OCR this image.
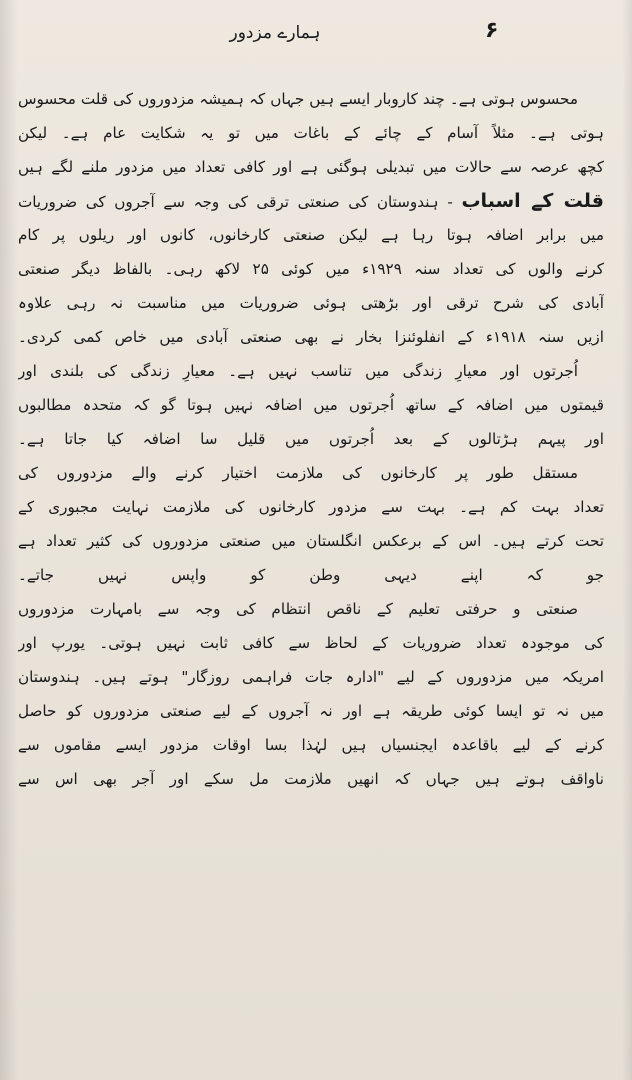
ہمارے مزدور	۶
محسوس ہوتی ہے۔ چند کاروبار ایسے ہیں جہاں کہ ہمیشہ مزدوروں کی قلت محسوس
ہوتی ہے۔ مثلاً آسام کے چائے کے باغات میں تو یہ شکایت عام ہے۔ لیکن
کچھ عرصہ سے حالات میں تبدیلی ہوگئی ہے اور کافی تعداد میں مزدور ملنے لگے ہیں
قلت کے اسباب - ہندوستان کی صنعتی ترقی کی وجہ سے آجروں کی ضروریات
میں برابر اضافہ ہوتا رہا ہے لیکن صنعتی کارخانوں، کانوں اور ریلوں پر کام
کرنے والوں کی تعداد سنہ ۱۹۲۹ء میں کوئی ۲۵ لاکھ رہی۔ بالفاظ دیگر صنعتی
آبادی کی شرح ترقی اور بڑھتی ہوئی ضروریات میں مناسبت نہ رہی علاوہ
ازیں سنہ ۱۹۱۸ء کے انفلوئنزا بخار نے بھی صنعتی آبادی میں خاص کمی کردی۔
اُجرتوں اور معیارِ زندگی میں تناسب نہیں ہے۔ معیارِ زندگی کی بلندی اور
قیمتوں میں اضافہ کے ساتھ اُجرتوں میں اضافہ نہیں ہوتا گو کہ متحدہ مطالبوں
اور پیہم ہڑتالوں کے بعد اُجرتوں میں قلیل سا اضافہ کیا جاتا ہے۔
مستقل طور پر کارخانوں کی ملازمت اختیار کرنے والے مزدوروں کی
تعداد بہت کم ہے۔ بہت سے مزدور کارخانوں کی ملازمت نہایت مجبوری کے
تحت کرتے ہیں۔ اس کے برعکس انگلستان میں صنعتی مزدوروں کی کثیر تعداد ہے
جو کہ اپنے دیہی وطن کو واپس نہیں جاتے۔
صنعتی و حرفتی تعلیم کے ناقص انتظام کی وجہ سے بامہارت مزدوروں
کی موجودہ تعداد ضروریات کے لحاظ سے کافی ثابت نہیں ہوتی۔ یورپ اور
امریکہ میں مزدوروں کے لیے "ادارہ جات فراہمی روزگار" ہوتے ہیں۔ ہندوستان
میں نہ تو ایسا کوئی طریقہ ہے اور نہ آجروں کے لیے صنعتی مزدوروں کو حاصل
کرنے کے لیے باقاعدہ ایجنسیاں ہیں لہٰذا بسا اوقات مزدور ایسے مقاموں سے
ناواقف ہوتے ہیں جہاں کہ انھیں ملازمت مل سکے اور آجر بھی اس سے
